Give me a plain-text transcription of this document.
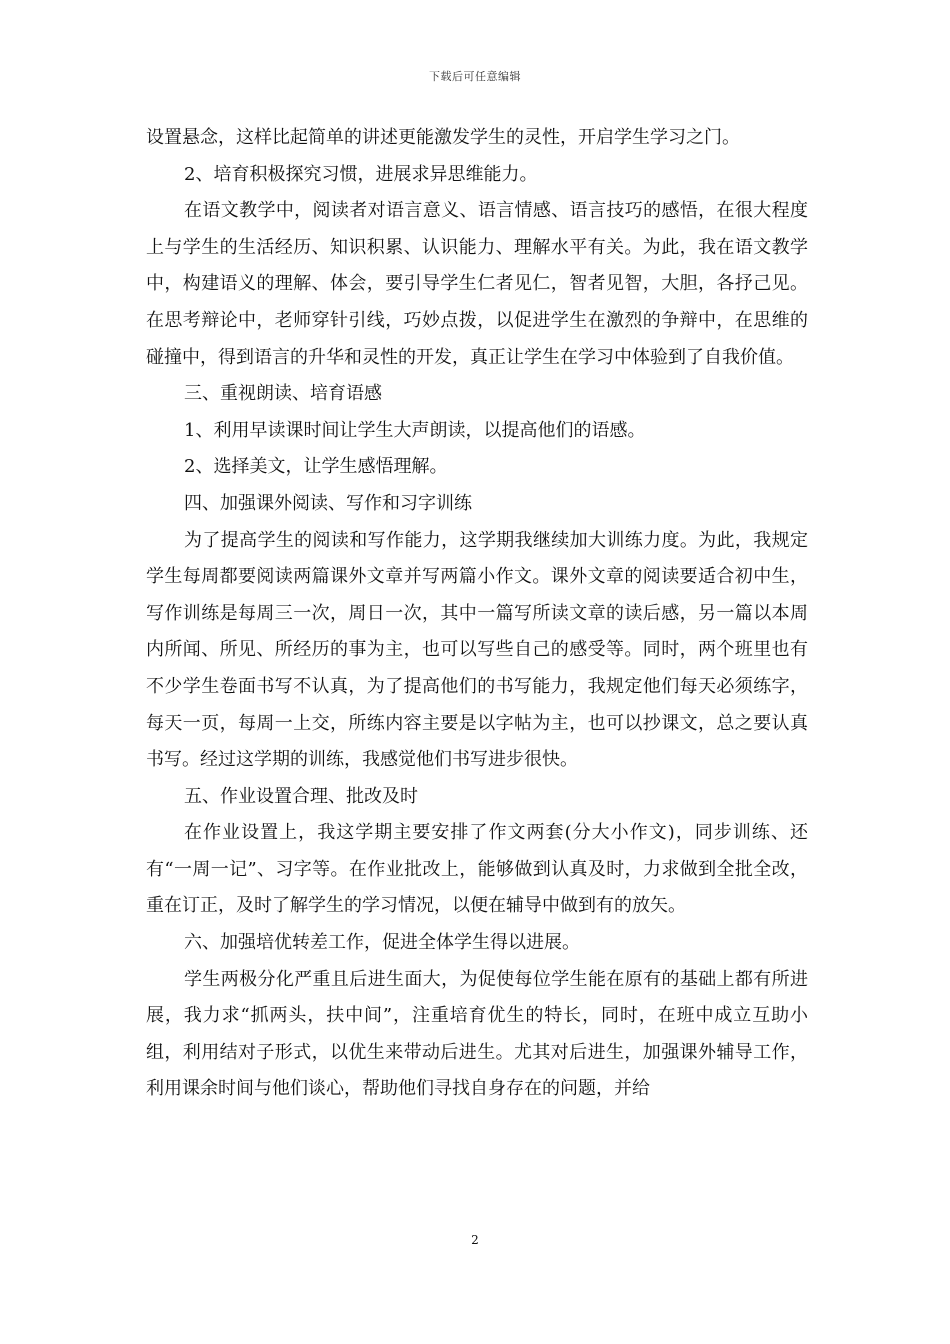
下载后可任意编辑

设置悬念，这样比起简单的讲述更能激发学生的灵性，开启学生学习之门。

2、培育积极探究习惯，进展求异思维能力。

在语文教学中，阅读者对语言意义、语言情感、语言技巧的感悟，在很大程度上与学生的生活经历、知识积累、认识能力、理解水平有关。为此，我在语文教学中，构建语义的理解、体会，要引导学生仁者见仁，智者见智，大胆，各抒己见。在思考辩论中，老师穿针引线，巧妙点拨，以促进学生在激烈的争辩中，在思维的碰撞中，得到语言的升华和灵性的开发，真正让学生在学习中体验到了自我价值。

三、重视朗读、培育语感

1、利用早读课时间让学生大声朗读，以提高他们的语感。

2、选择美文，让学生感悟理解。

四、加强课外阅读、写作和习字训练

为了提高学生的阅读和写作能力，这学期我继续加大训练力度。为此，我规定学生每周都要阅读两篇课外文章并写两篇小作文。课外文章的阅读要适合初中生，写作训练是每周三一次，周日一次，其中一篇写所读文章的读后感，另一篇以本周内所闻、所见、所经历的事为主，也可以写些自己的感受等。同时，两个班里也有不少学生卷面书写不认真，为了提高他们的书写能力，我规定他们每天必须练字，每天一页，每周一上交，所练内容主要是以字帖为主，也可以抄课文，总之要认真书写。经过这学期的训练，我感觉他们书写进步很快。

五、作业设置合理、批改及时

在作业设置上，我这学期主要安排了作文两套(分大小作文)，同步训练、还有“一周一记”、习字等。在作业批改上，能够做到认真及时，力求做到全批全改，重在订正，及时了解学生的学习情况，以便在辅导中做到有的放矢。

六、加强培优转差工作，促进全体学生得以进展。

学生两极分化严重且后进生面大，为促使每位学生能在原有的基础上都有所进展，我力求“抓两头，扶中间”，注重培育优生的特长，同时，在班中成立互助小组，利用结对子形式，以优生来带动后进生。尤其对后进生，加强课外辅导工作，利用课余时间与他们谈心，帮助他们寻找自身存在的问题，并给

2
